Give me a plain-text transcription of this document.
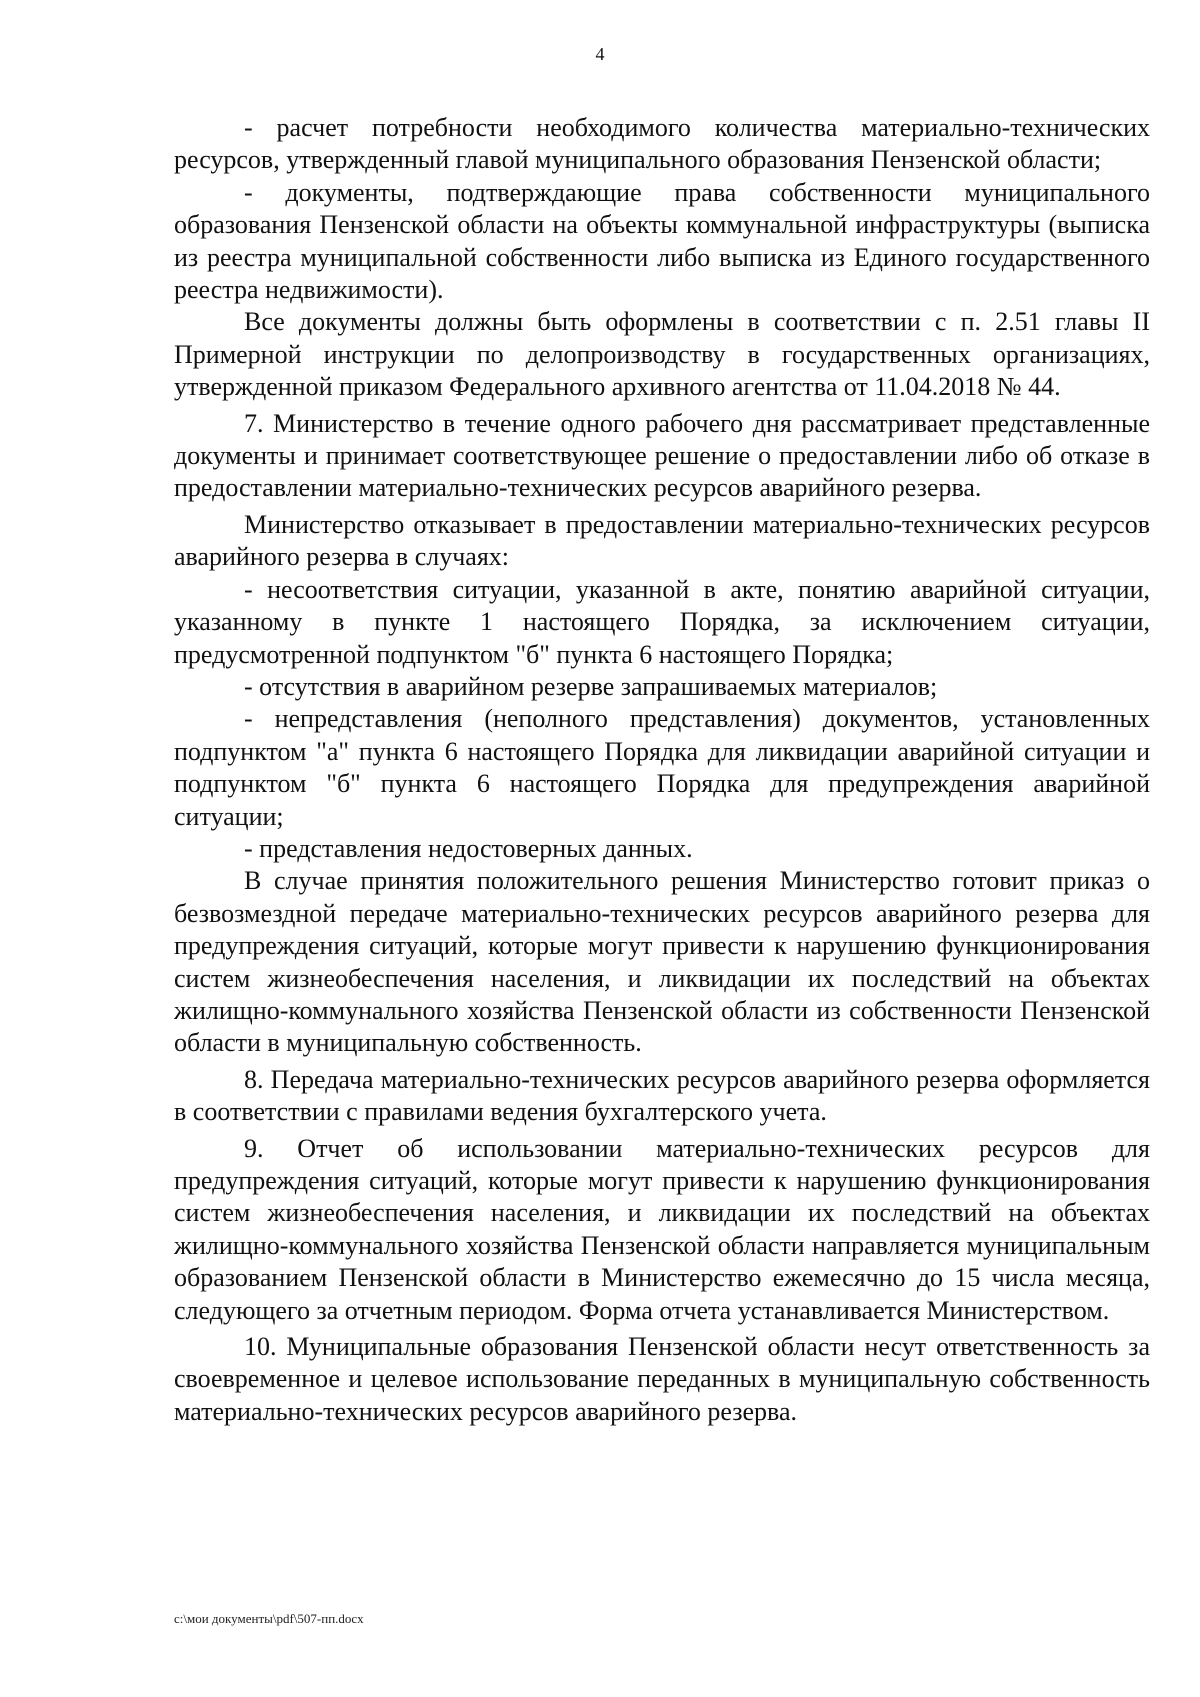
4

- расчет потребности необходимого количества материально-технических ресурсов, утвержденный главой муниципального образования Пензенской области;

- документы, подтверждающие права собственности муниципального образования Пензенской области на объекты коммунальной инфраструктуры (выписка из реестра муниципальной собственности либо выписка из Единого государственного реестра недвижимости).

Все документы должны быть оформлены в соответствии с п. 2.51 главы II Примерной инструкции по делопроизводству в государственных организациях, утвержденной приказом Федерального архивного агентства от 11.04.2018 № 44.

7. Министерство в течение одного рабочего дня рассматривает представленные документы и принимает соответствующее решение о предоставлении либо об отказе в предоставлении материально-технических ресурсов аварийного резерва.

Министерство отказывает в предоставлении материально-технических ресурсов аварийного резерва в случаях:

- несоответствия ситуации, указанной в акте, понятию аварийной ситуации, указанному в пункте 1 настоящего Порядка, за исключением ситуации, предусмотренной подпунктом "б" пункта 6 настоящего Порядка;

- отсутствия в аварийном резерве запрашиваемых материалов;

- непредставления (неполного представления) документов, установленных подпунктом "а" пункта 6 настоящего Порядка для ликвидации аварийной ситуации и подпунктом "б" пункта 6 настоящего Порядка для предупреждения аварийной ситуации;

- представления недостоверных данных.

В случае принятия положительного решения Министерство готовит приказ о безвозмездной передаче материально-технических ресурсов аварийного резерва для предупреждения ситуаций, которые могут привести к нарушению функционирования систем жизнеобеспечения населения, и ликвидации их последствий на объектах жилищно-коммунального хозяйства Пензенской области из собственности Пензенской области в муниципальную собственность.

8. Передача материально-технических ресурсов аварийного резерва оформляется в соответствии с правилами ведения бухгалтерского учета.

9. Отчет об использовании материально-технических ресурсов для предупреждения ситуаций, которые могут привести к нарушению функционирования систем жизнеобеспечения населения, и ликвидации их последствий на объектах жилищно-коммунального хозяйства Пензенской области направляется муниципальным образованием Пензенской области в Министерство ежемесячно до 15 числа месяца, следующего за отчетным периодом. Форма отчета устанавливается Министерством.

10. Муниципальные образования Пензенской области несут ответственность за своевременное и целевое использование переданных в муниципальную собственность материально-технических ресурсов аварийного резерва.

c:\мои документы\pdf\507-пп.docx
